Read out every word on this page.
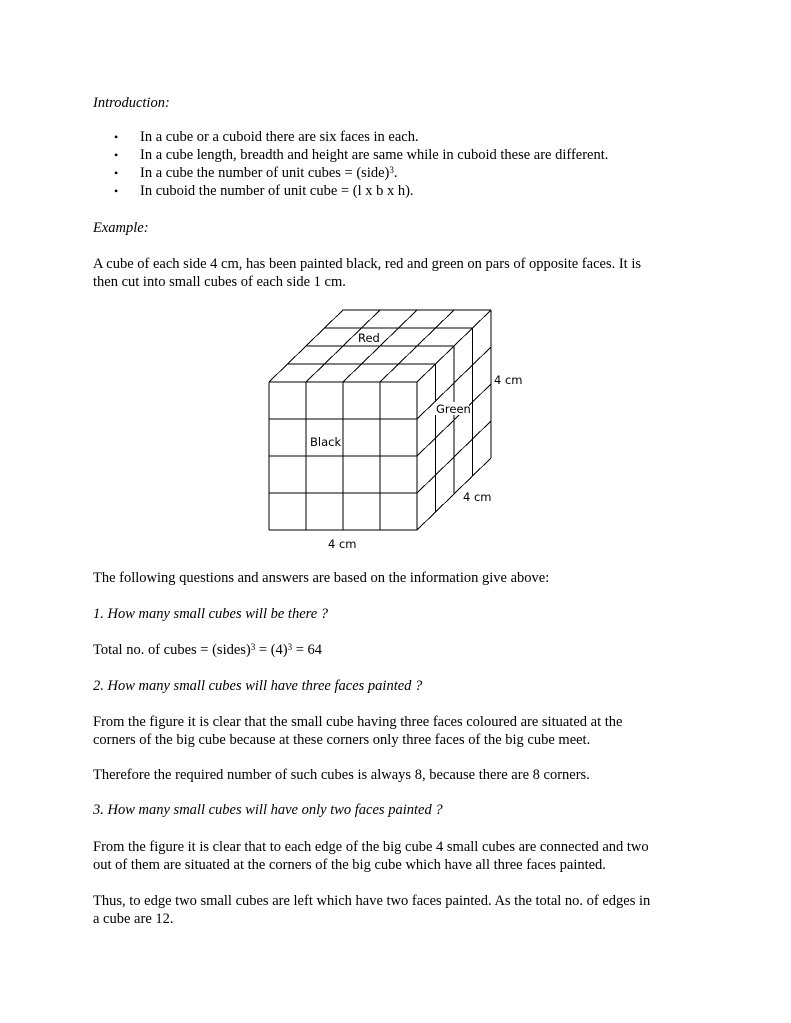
Introduction:
• In a cube or a cuboid there are six faces in each.
• In a cube length, breadth and height are same while in cuboid these are different.
• In a cube the number of unit cubes = (side)$^3$.
• In cuboid the number of unit cube = (l x b x h).
Example:
A cube of each side 4 cm, has been painted black, red and green on pars of opposite faces. It is
then cut into small cubes of each side 1 cm.
The following questions and answers are based on the information give above:
1. How many small cubes will be there ?
Total no. of cubes = (sides)$^3$ = $(4)^3 = 64$
2. How many small cubes will have three faces painted ?
From the figure it is clear that the small cube having three faces coloured are situated at the
corners of the big cube because at these corners only three faces of the big cube meet.
Therefore the required number of such cubes is always 8, because there are 8 corners.
3. How many small cubes will have only two faces painted ?
From the figure it is clear that to each edge of the big cube 4 small cubes are connected and two
out of them are situated at the corners of the big cube which have all three faces painted.
Thus, to edge two small cubes are left which have two faces painted. As the total no. of edges in
a cube are 12.
Red
Green
Black
4 cm
4 cm
4 cm
